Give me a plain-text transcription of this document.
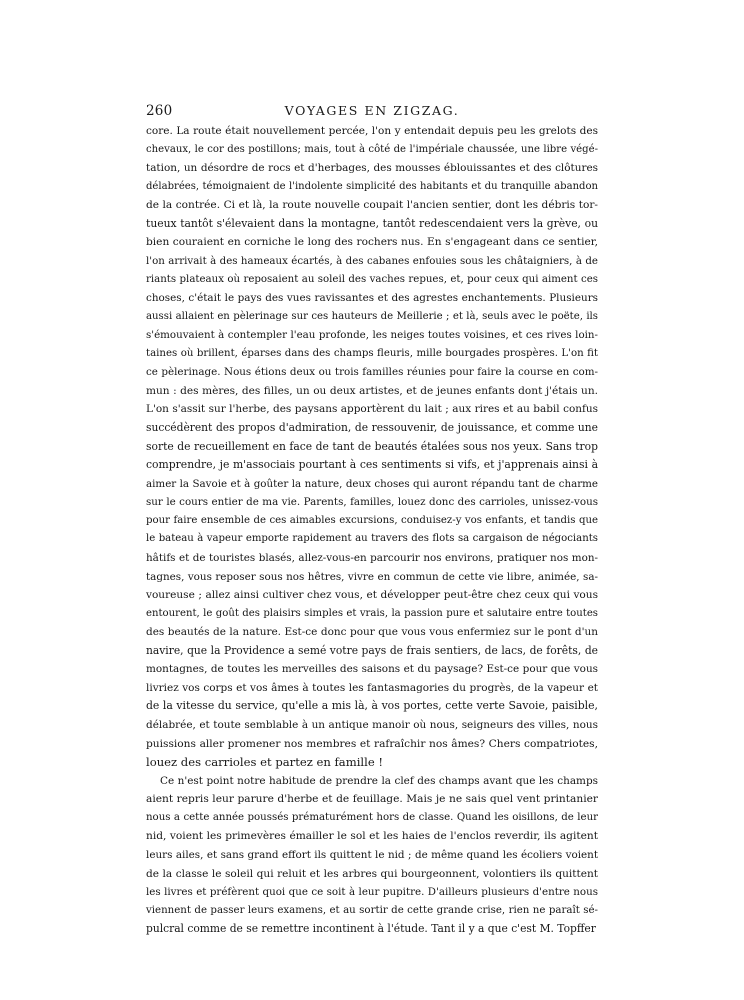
260	VOYAGES EN ZIGZAG.
core. La route était nouvellement percée, l'on y entendait depuis peu les grelots des
chevaux, le cor des postillons; mais, tout à côté de l'impériale chaussée, une libre végé-
tation, un désordre de rocs et d'herbages, des mousses éblouissantes et des clôtures
délabrées, témoignaient de l'indolente simplicité des habitants et du tranquille abandon
de la contrée. Ci et là, la route nouvelle coupait l'ancien sentier, dont les débris tor-
tueux tantôt s'élevaient dans la montagne, tantôt redescendaient vers la grève, ou
bien couraient en corniche le long des rochers nus. En s'engageant dans ce sentier,
l'on arrivait à des hameaux écartés, à des cabanes enfouies sous les châtaigniers, à de
riants plateaux où reposaient au soleil des vaches repues, et, pour ceux qui aiment ces
choses, c'était le pays des vues ravissantes et des agrestes enchantements. Plusieurs
aussi allaient en pèlerinage sur ces hauteurs de Meillerie ; et là, seuls avec le poëte, ils
s'émouvaient à contempler l'eau profonde, les neiges toutes voisines, et ces rives loin-
taines où brillent, éparses dans des champs fleuris, mille bourgades prospères. L'on fit
ce pèlerinage. Nous étions deux ou trois familles réunies pour faire la course en com-
mun : des mères, des filles, un ou deux artistes, et de jeunes enfants dont j'étais un.
L'on s'assit sur l'herbe, des paysans apportèrent du lait ; aux rires et au babil confus
succédèrent des propos d'admiration, de ressouvenir, de jouissance, et comme une
sorte de recueillement en face de tant de beautés étalées sous nos yeux. Sans trop
comprendre, je m'associais pourtant à ces sentiments si vifs, et j'apprenais ainsi à
aimer la Savoie et à goûter la nature, deux choses qui auront répandu tant de charme
sur le cours entier de ma vie. Parents, familles, louez donc des carrioles, unissez-vous
pour faire ensemble de ces aimables excursions, conduisez-y vos enfants, et tandis que
le bateau à vapeur emporte rapidement au travers des flots sa cargaison de négociants
hâtifs et de touristes blasés, allez-vous-en parcourir nos environs, pratiquer nos mon-
tagnes, vous reposer sous nos hêtres, vivre en commun de cette vie libre, animée, sa-
voureuse ; allez ainsi cultiver chez vous, et développer peut-être chez ceux qui vous
entourent, le goût des plaisirs simples et vrais, la passion pure et salutaire entre toutes
des beautés de la nature. Est-ce donc pour que vous vous enfermiez sur le pont d'un
navire, que la Providence a semé votre pays de frais sentiers, de lacs, de forêts, de
montagnes, de toutes les merveilles des saisons et du paysage? Est-ce pour que vous
livriez vos corps et vos âmes à toutes les fantasmagories du progrès, de la vapeur et
de la vitesse du service, qu'elle a mis là, à vos portes, cette verte Savoie, paisible,
délabrée, et toute semblable à un antique manoir où nous, seigneurs des villes, nous
puissions aller promener nos membres et rafraîchir nos âmes? Chers compatriotes,
louez des carrioles et partez en famille !
Ce n'est point notre habitude de prendre la clef des champs avant que les champs
aient repris leur parure d'herbe et de feuillage. Mais je ne sais quel vent printanier
nous a cette année poussés prématurément hors de classe. Quand les oisillons, de leur
nid, voient les primevères émailler le sol et les haies de l'enclos reverdir, ils agitent
leurs ailes, et sans grand effort ils quittent le nid ; de même quand les écoliers voient
de la classe le soleil qui reluit et les arbres qui bourgeonnent, volontiers ils quittent
les livres et préfèrent quoi que ce soit à leur pupitre. D'ailleurs plusieurs d'entre nous
viennent de passer leurs examens, et au sortir de cette grande crise, rien ne paraît sé-
pulcral comme de se remettre incontinent à l'étude. Tant il y a que c'est M. Topffer
